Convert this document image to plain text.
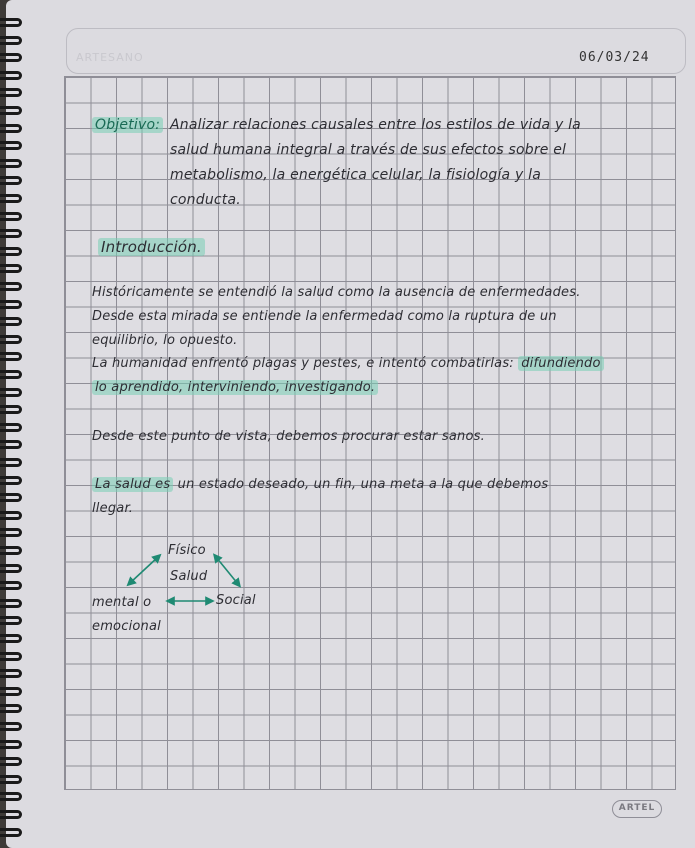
ARTESANO	06/03/24
Objetivo: Analizar relaciones causales entre los estilos de vida y la
salud humana integral a través de sus efectos sobre el
metabolismo, la energética celular, la fisiología y la
conducta.
Introducción.
Históricamente se entendió la salud como la ausencia de enfermedades.
Desde esta mirada se entiende la enfermedad como la ruptura de un
equilibrio, lo opuesto.
La humanidad enfrentó plagas y pestes, e intentó combatirlas: difundiendo
lo aprendido, interviniendo, investigando.
Desde este punto de vista, debemos procurar estar sanos.
La salud es un estado deseado, un fin, una meta a la que debemos
llegar.
Físico
Salud
mental o
emocional
Social
ARTEL
